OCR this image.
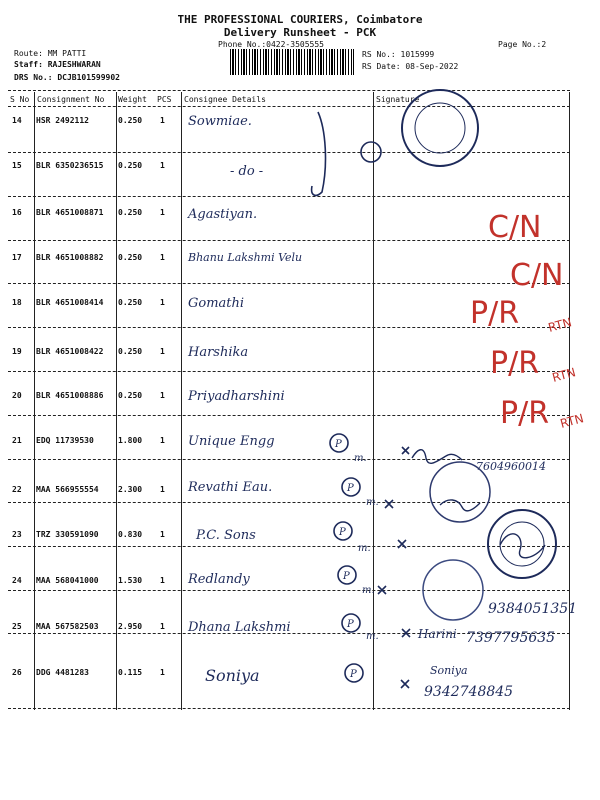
THE PROFESSIONAL COURIERS, Coimbatore
Delivery Runsheet - PCK
Phone No.:0422-3505555	Page No.:2
Route: MM PATTI
Staff: RAJESHWARAN
DRS No.: DCJB101599902
RS No.: 1015999
RS Date: 08-Sep-2022
S No Consignment No Weight PCS Consignee Details	Signature
14 HSR 2492112	0.250 1 Sowmiae.
15 BLR 6350236515 0.250 1	- do -
16 BLR 4651008871 0.250 1 Agastiyan.
17 BLR 4651008882 0.250 1 Bhanu Lakshmi Velu
18 BLR 4651008414 0.250 1 Gomathi
19 BLR 4651008422 0.250 1 Harshika
20 BLR 4651008886 0.250 1 Priyadharshini
21 EDQ 11739530	1.800 1 Unique Engg
22 MAA 566955554 2.300 1 Revathi Eau.
23 TRZ 330591090 0.830 1 P.C. Sons
24 MAA 568041000 1.530 1 Redlandy
25 MAA 567582503 2.950 1 Dhana Lakshmi
26 DDG 4481283	0.115 1	Soniya
P
P
P
P
P
P
m.
m.
m.
m.
m.
C/N
C/N
P/R RTN
P/R RTN
P/R RTN
7604960014
9384051351
Harini 7397795635
Soniya
9342748845
